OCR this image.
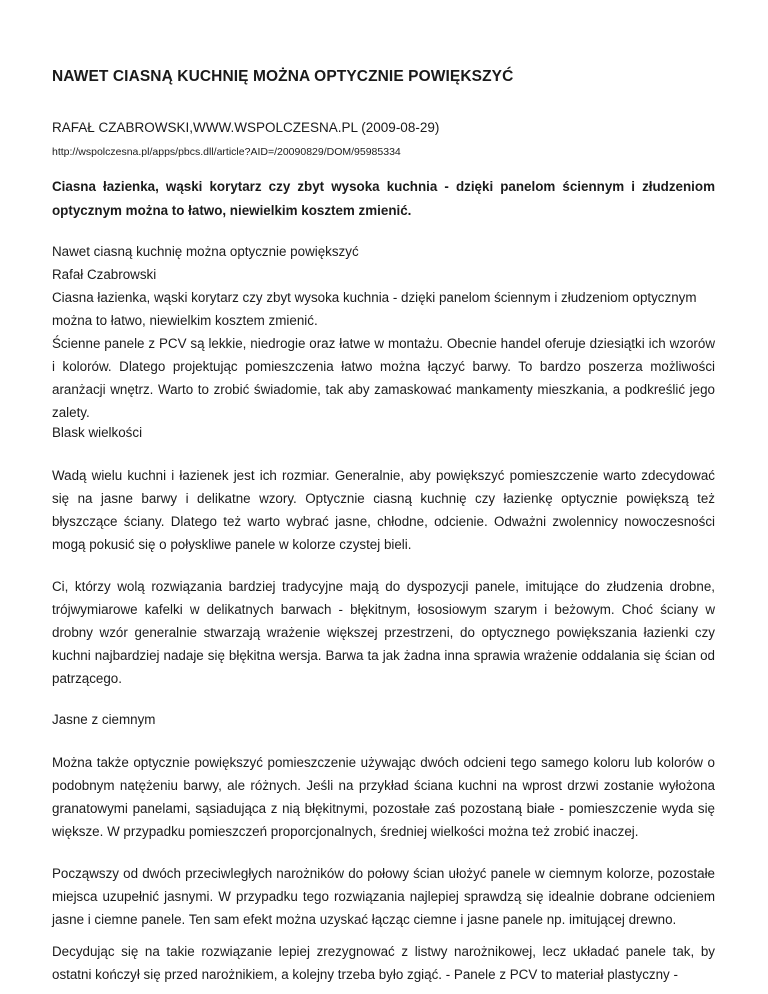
NAWET CIASNĄ KUCHNIĘ MOŻNA OPTYCZNIE POWIĘKSZYĆ

RAFAŁ CZABROWSKI,WWW.WSPOLCZESNA.PL (2009-08-29)

http://wspolczesna.pl/apps/pbcs.dll/article?AID=/20090829/DOM/95985334

Ciasna łazienka, wąski korytarz czy zbyt wysoka kuchnia - dzięki panelom ściennym i złudzeniom optycznym można to łatwo, niewielkim kosztem zmienić.

Nawet ciasną kuchnię można optycznie powiększyć
Rafał Czabrowski
Ciasna łazienka, wąski korytarz czy zbyt wysoka kuchnia - dzięki panelom ściennym i złudzeniom optycznym można to łatwo, niewielkim kosztem zmienić.
Ścienne panele z PCV są lekkie, niedrogie oraz łatwe w montażu. Obecnie handel oferuje dziesiątki ich wzorów i kolorów. Dlatego projektując pomieszczenia łatwo można łączyć barwy. To bardzo poszerza możliwości aranżacji wnętrz. Warto to zrobić świadomie, tak aby zamaskować mankamenty mieszkania, a podkreślić jego zalety.

Blask wielkości

Wadą wielu kuchni i łazienek jest ich rozmiar. Generalnie, aby powiększyć pomieszczenie warto zdecydować się na jasne barwy i delikatne wzory. Optycznie ciasną kuchnię czy łazienkę optycznie powiększą też błyszczące ściany. Dlatego też warto wybrać jasne, chłodne, odcienie. Odważni zwolennicy nowoczesności mogą pokusić się o połyskliwe panele w kolorze czystej bieli.

Ci, którzy wolą rozwiązania bardziej tradycyjne mają do dyspozycji panele, imitujące do złudzenia drobne, trójwymiarowe kafelki w delikatnych barwach - błękitnym, łososiowym szarym i beżowym. Choć ściany w drobny wzór generalnie stwarzają wrażenie większej przestrzeni, do optycznego powiększania łazienki czy kuchni najbardziej nadaje się błękitna wersja. Barwa ta jak żadna inna sprawia wrażenie oddalania się ścian od patrzącego.

Jasne z ciemnym

Można także optycznie powiększyć pomieszczenie używając dwóch odcieni tego samego koloru lub kolorów o podobnym natężeniu barwy, ale różnych. Jeśli na przykład ściana kuchni na wprost drzwi zostanie wyłożona granatowymi panelami, sąsiadująca z nią błękitnymi, pozostałe zaś pozostaną białe - pomieszczenie wyda się większe. W przypadku pomieszczeń proporcjonalnych, średniej wielkości można też zrobić inaczej.

Począwszy od dwóch przeciwległych narożników do połowy ścian ułożyć panele w ciemnym kolorze, pozostałe miejsca uzupełnić jasnymi. W przypadku tego rozwiązania najlepiej sprawdzą się idealnie dobrane odcieniem jasne i ciemne panele. Ten sam efekt można uzyskać łącząc ciemne i jasne panele np. imitującej drewno.

Decydując się na takie rozwiązanie lepiej zrezygnować z listwy narożnikowej, lecz układać panele tak, by ostatni kończył się przed narożnikiem, a kolejny trzeba było zgiąć. - Panele z PCV to materiał plastyczny -
